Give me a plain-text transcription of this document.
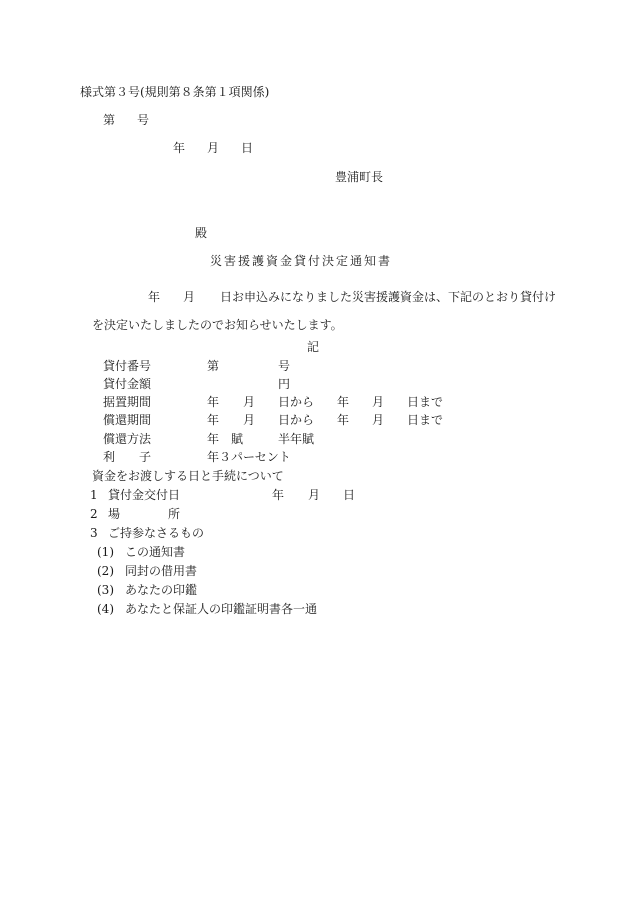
様式第３号(規則第８条第１項関係)
第 号
年 月 日
豊浦町長
殿
災害援護資金貸付決定通知書
年 月 日お申込みになりました災害援護資金は、下記のとおり貸付け
を決定いたしましたのでお知らせいたします。
記
貸付番号	第	号
貸付金額	円
据置期間	年 月 日から 年 月 日まで
償還期間	年 月 日から 年 月 日まで
償還方法	年　賦	半年賦
利　　子	年３パーセント
資金をお渡しする日と手続について
1 貸付金交付日	年 月 日
2 場　　　　所
3 ご持参なさるもの
(1) この通知書
(2) 同封の借用書
(3) あなたの印鑑
(4) あなたと保証人の印鑑証明書各一通
